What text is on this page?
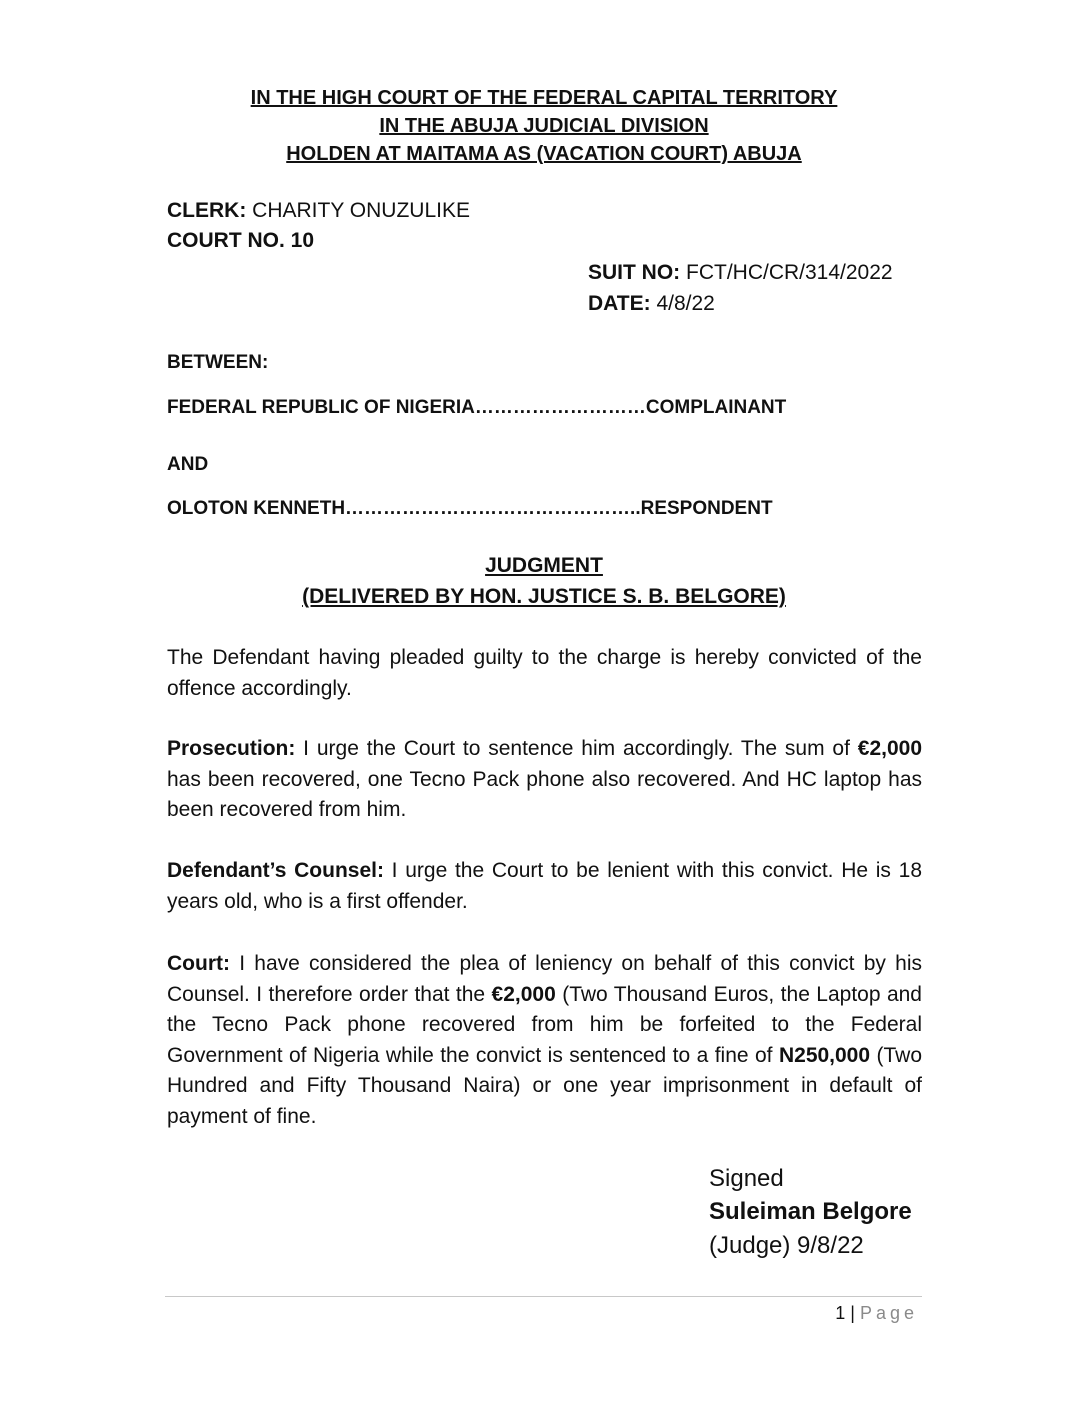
IN THE HIGH COURT OF THE FEDERAL CAPITAL TERRITORY
IN THE ABUJA JUDICIAL DIVISION
HOLDEN AT MAITAMA AS (VACATION COURT) ABUJA
CLERK: CHARITY ONUZULIKE
COURT NO. 10
SUIT NO: FCT/HC/CR/314/2022
DATE: 4/8/22
BETWEEN:
FEDERAL REPUBLIC OF NIGERIA………………………COMPLAINANT
AND
OLOTON KENNETH………………………………………..RESPONDENT
JUDGMENT
(DELIVERED BY HON. JUSTICE S. B. BELGORE)
The Defendant having pleaded guilty to the charge is hereby convicted of the offence accordingly.
Prosecution: I urge the Court to sentence him accordingly. The sum of €2,000 has been recovered, one Tecno Pack phone also recovered. And HC laptop has been recovered from him.
Defendant’s Counsel: I urge the Court to be lenient with this convict. He is 18 years old, who is a first offender.
Court: I have considered the plea of leniency on behalf of this convict by his Counsel. I therefore order that the €2,000 (Two Thousand Euros, the Laptop and the Tecno Pack phone recovered from him be forfeited to the Federal Government of Nigeria while the convict is sentenced to a fine of N250,000 (Two Hundred and Fifty Thousand Naira) or one year imprisonment in default of payment of fine.
Signed
Suleiman Belgore
(Judge) 9/8/22
1 | Page
